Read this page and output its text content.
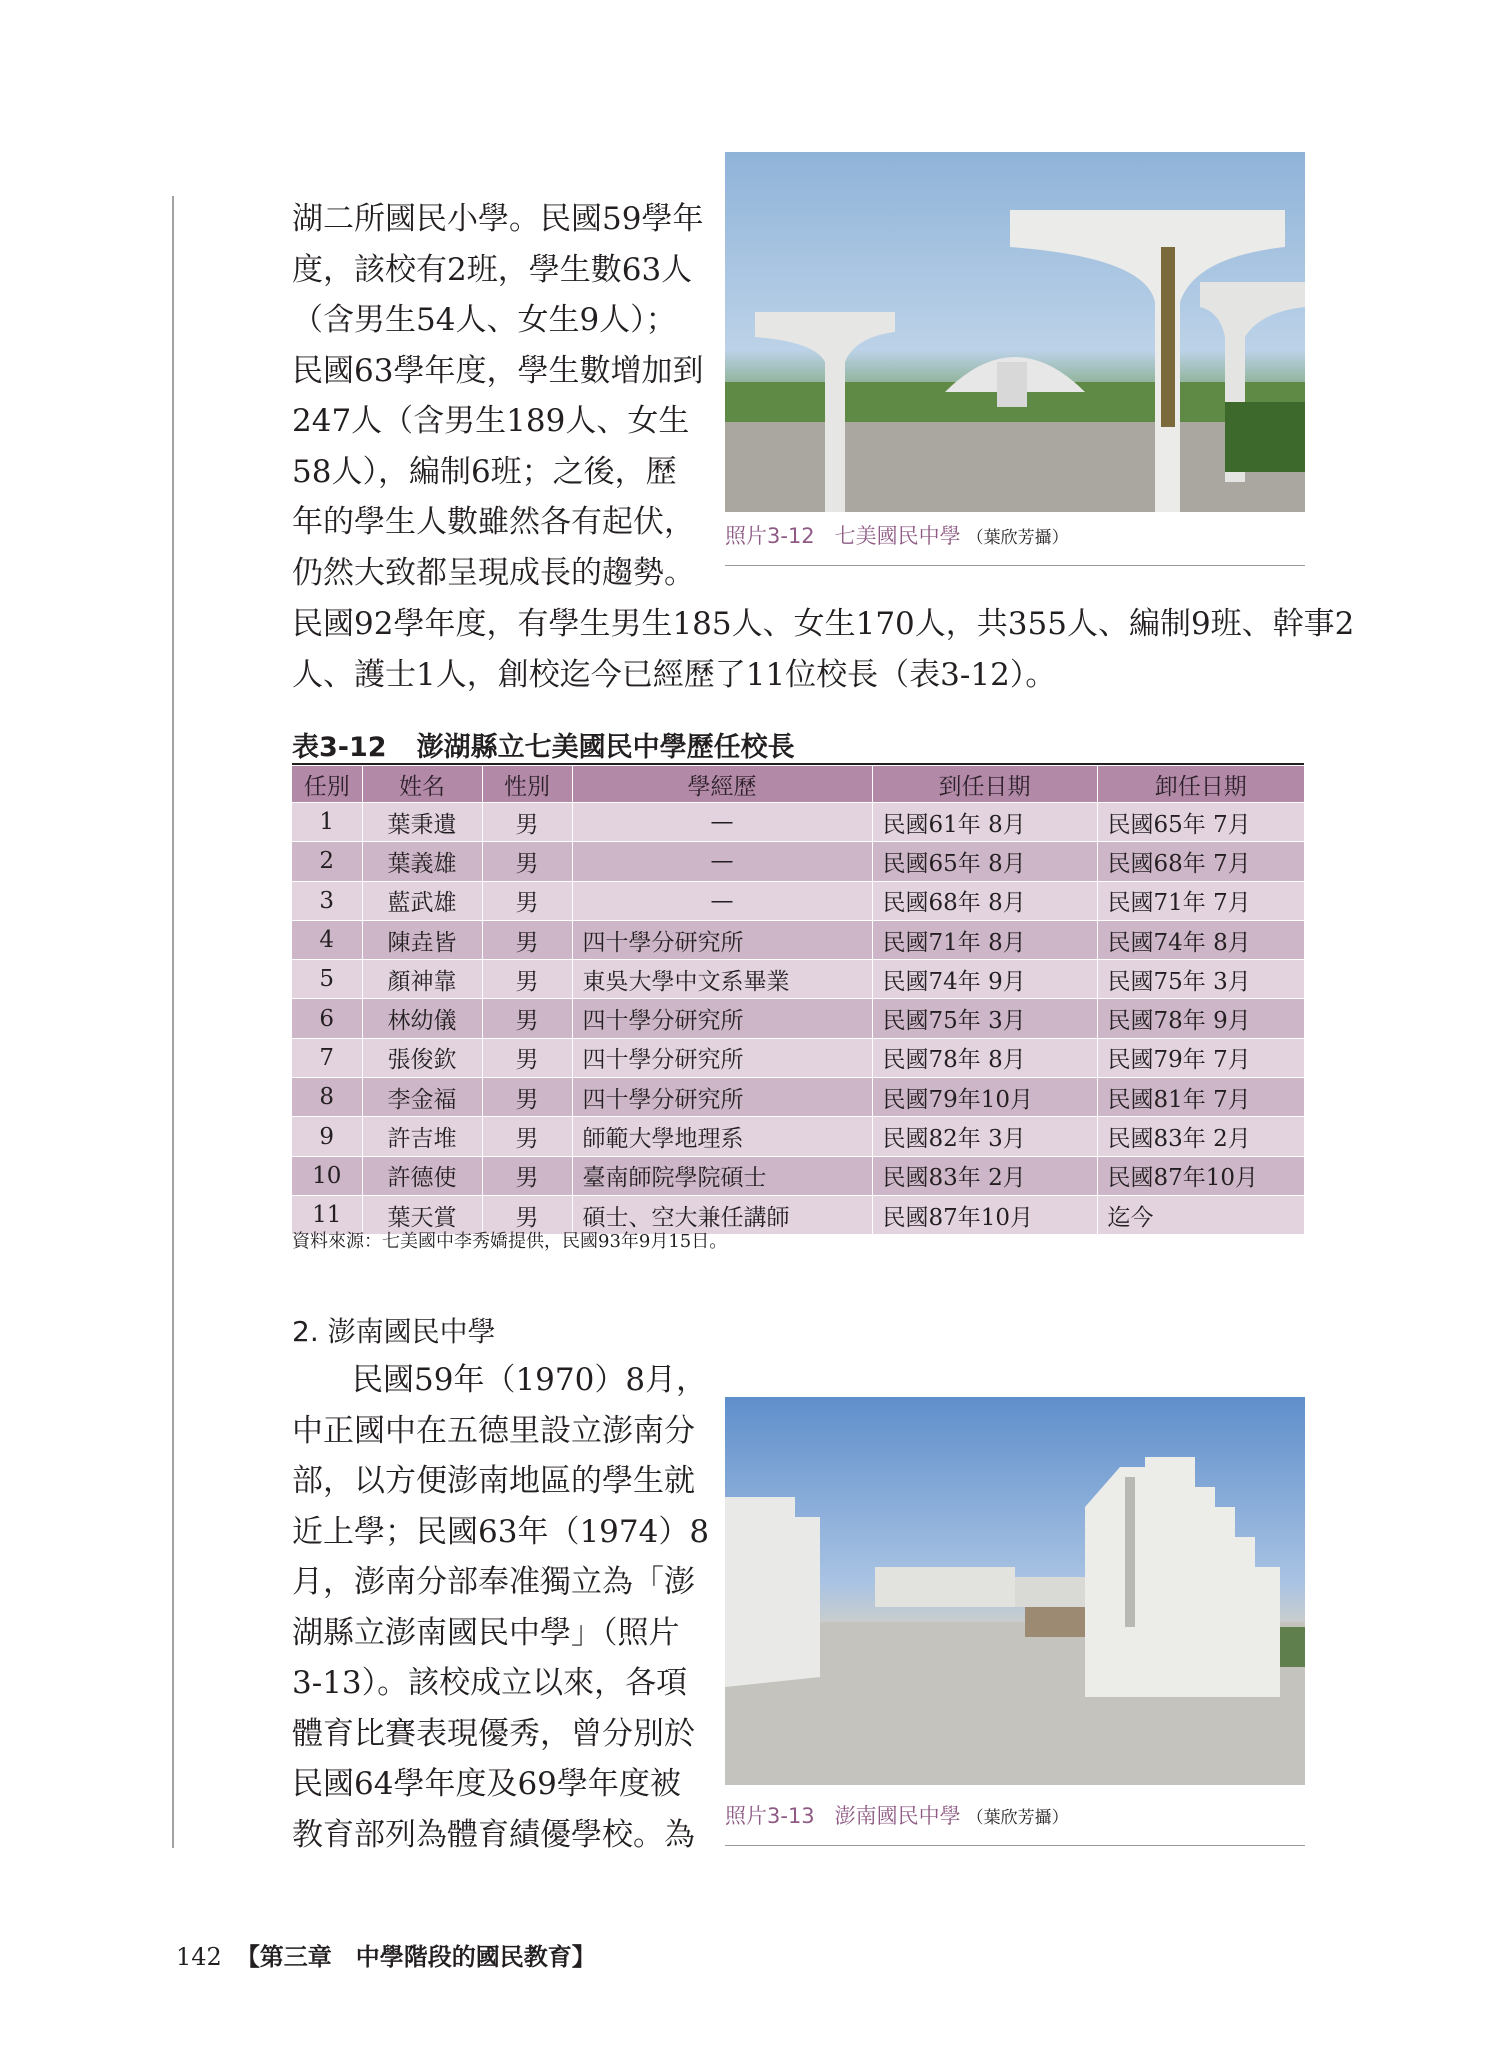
湖二所國民小學。民國59學年
度，該校有2班，學生數63人
（含男生54人、女生9人）；
民國63學年度，學生數增加到
247人（含男生189人、女生
58人），編制6班；之後，歷
年的學生人數雖然各有起伏，
仍然大致都呈現成長的趨勢。
照片3-12 七美國民中學 （葉欣芳攝）
民國92學年度，有學生男生185人、女生170人，共355人、編制9班、幹事2
人、護士1人，創校迄今已經歷了11位校長（表3-12）。
表3-12 澎湖縣立七美國民中學歷任校長
任別	姓名	性別	學經歷	到任日期	卸任日期
1	葉秉遺	男	—	民國61年 8月	民國65年 7月
2	葉義雄	男	—	民國65年 8月	民國68年 7月
3	藍武雄	男	—	民國68年 8月	民國71年 7月
4	陳垚皆	男	四十學分研究所	民國71年 8月	民國74年 8月
5	顏神靠	男	東吳大學中文系畢業	民國74年 9月	民國75年 3月
6	林幼儀	男	四十學分研究所	民國75年 3月	民國78年 9月
7	張俊欽	男	四十學分研究所	民國78年 8月	民國79年 7月
8	李金福	男	四十學分研究所	民國79年10月	民國81年 7月
9	許吉堆	男	師範大學地理系	民國82年 3月	民國83年 2月
10	許德使	男	臺南師院學院碩士	民國83年 2月	民國87年10月
11	葉天賞	男	碩士、空大兼任講師	民國87年10月	迄今
資料來源：七美國中李秀嬌提供，民國93年9月15日。
2. 澎南國民中學
民國59年（1970）8月，
中正國中在五德里設立澎南分
部，以方便澎南地區的學生就
近上學；民國63年（1974）8
月，澎南分部奉准獨立為「澎
湖縣立澎南國民中學」（照片
3-13）。該校成立以來，各項
體育比賽表現優秀，曾分別於
民國64學年度及69學年度被
教育部列為體育績優學校。為
照片3-13 澎南國民中學 （葉欣芳攝）
142 【第三章　中學階段的國民教育】
